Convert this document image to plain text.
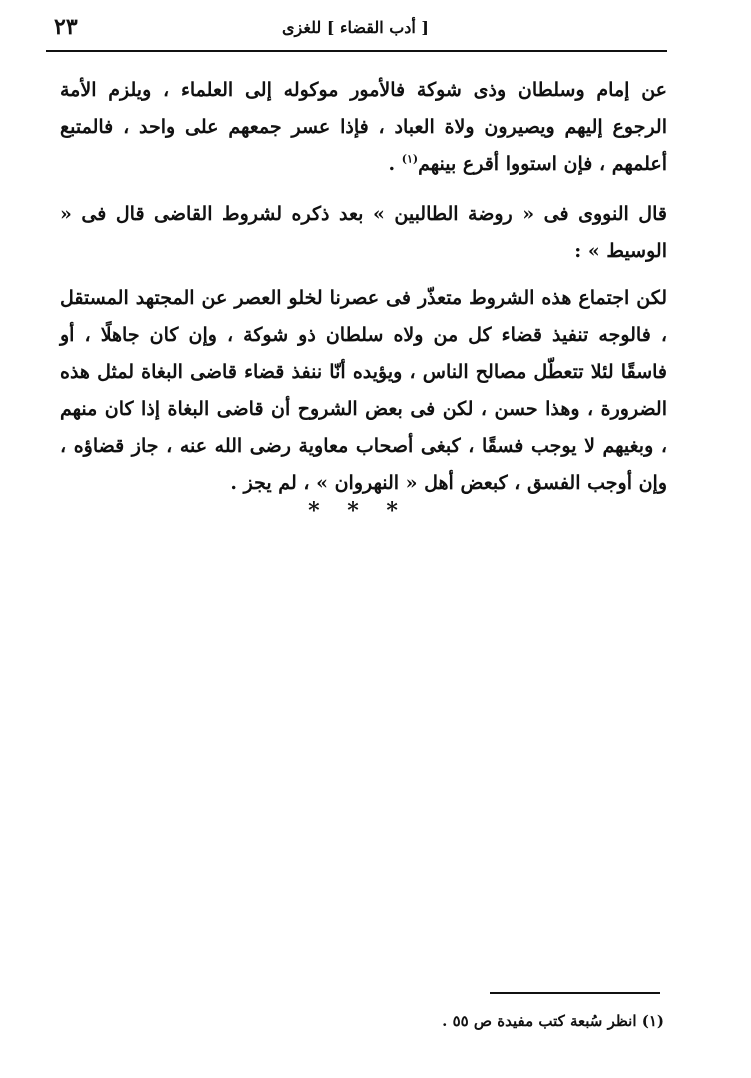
[ أدب القضاء ] للغزى
٢٣

عن إمام وسلطان وذى شوكة فالأمور موكوله إلى العلماء ، ويلزم الأمة الرجوع إليهم ويصيرون ولاة العباد ، فإذا عسر جمعهم على واحد ، فالمتبع أعلمهم ، فإن استووا أقرع بينهم$^{(١)}$ .

قال النووى فى « روضة الطالبين » بعد ذكره لشروط القاضى قال فى « الوسيط » :

لكن اجتماع هذه الشروط متعذّر فى عصرنا لخلو العصر عن المجتهد المستقل ، فالوجه تنفيذ قضاء كل من ولاه سلطان ذو شوكة ، وإن كان جاهلًا ، أو فاسقًا لئلا تتعطّل مصالح الناس ، ويؤيده أنّا ننفذ قضاء قاضى البغاة لمثل هذه الضرورة ، وهذا حسن ، لكن فى بعض الشروح أن قاضى البغاة إذا كان منهم ، وبغيهم لا يوجب فسقًا ، كبغى أصحاب معاوية رضى الله عنه ، جاز قضاؤه ، وإن أوجب الفسق ، كبعض أهل « النهروان » ، لم يجز .

* * *
(١) انظر سُبعة كتب مفيدة ص ٥٥ .
